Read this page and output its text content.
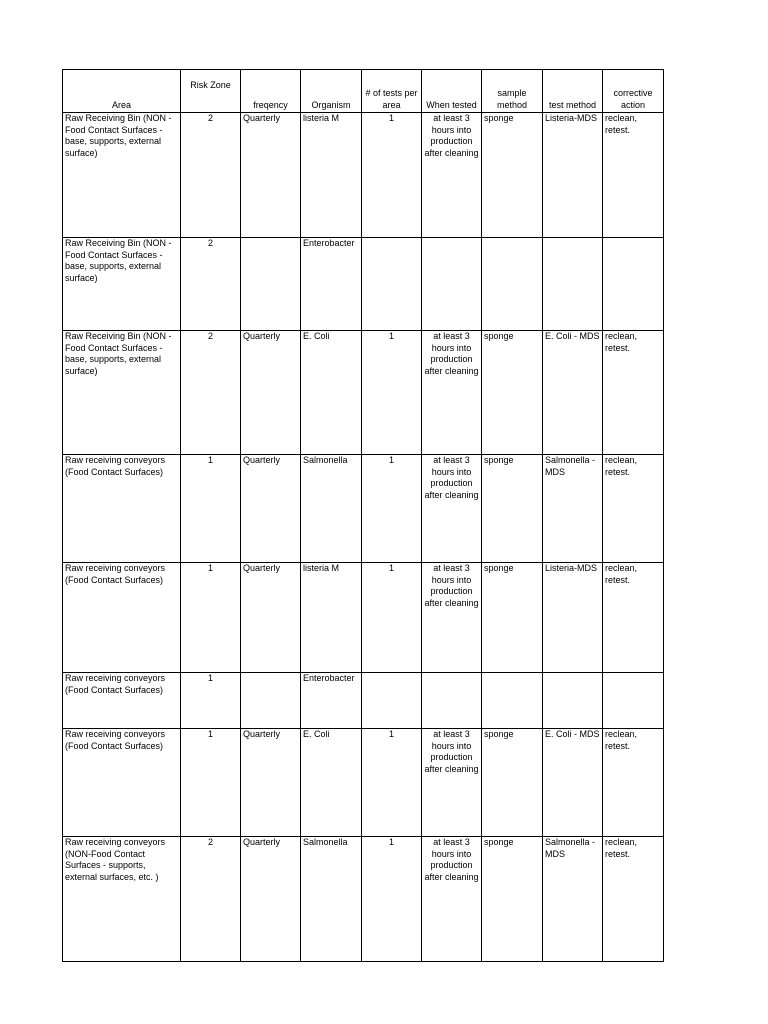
Area	Risk Zone	freqency	Organism	# of tests per area	When tested	sample method	test method	corrective action
Raw Receiving Bin (NON -Food Contact Surfaces - base, supports, external surface)	2	Quarterly	listeria M	1	at least 3 hours into production after cleaning	sponge	Listeria-MDS	reclean, retest.
Raw Receiving Bin (NON -Food Contact Surfaces - base, supports, external surface)	2		Enterobacter					
Raw Receiving Bin (NON -Food Contact Surfaces - base, supports, external surface)	2	Quarterly	E. Coli	1	at least 3 hours into production after cleaning	sponge	E. Coli - MDS	reclean, retest.
Raw receiving conveyors (Food Contact Surfaces)	1	Quarterly	Salmonella	1	at least 3 hours into production after cleaning	sponge	Salmonella - MDS	reclean, retest.
Raw receiving conveyors (Food Contact Surfaces)	1	Quarterly	listeria M	1	at least 3 hours into production after cleaning	sponge	Listeria-MDS	reclean, retest.
Raw receiving conveyors (Food Contact Surfaces)	1		Enterobacter					
Raw receiving conveyors (Food Contact Surfaces)	1	Quarterly	E. Coli	1	at least 3 hours into production after cleaning	sponge	E. Coli - MDS	reclean, retest.
Raw receiving conveyors (NON-Food Contact Surfaces - supports, external surfaces, etc. )	2	Quarterly	Salmonella	1	at least 3 hours into production after cleaning	sponge	Salmonella - MDS	reclean, retest.
